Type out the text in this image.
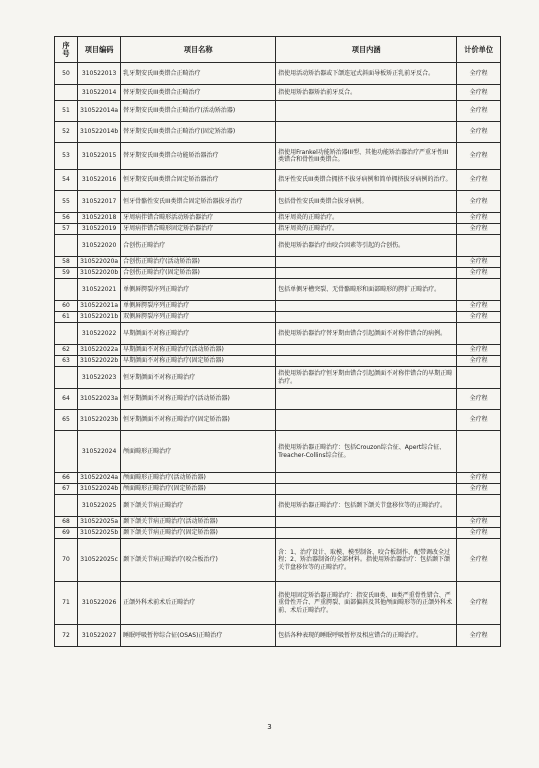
序
号	项目编码	项目名称	项目内涵	计价单位
50	310522013	乳牙期安氏III类错合正畸治疗	指使用活动矫治器或下颌连冠式斜面导板矫正乳前牙反合。	全疗程
	310522014	替牙期安氏III类错合正畸治疗	指使用矫治器矫治前牙反合。	全疗程
51	310522014a	替牙期安氏III类错合正畸治疗(活动矫治器)		全疗程
52	310522014b	替牙期安氏III类错合正畸治疗(固定矫治器)		全疗程
53	310522015	替牙期安氏III类错合功能矫治器治疗	指使用Frankel功能矫治器III型、其他功能矫治器治疗严重牙性III类错合和骨性III类错合。	全疗程
54	310522016	恒牙期安氏III类错合固定矫治器治疗	指牙性安氏III类错合拥挤不拔牙病例和简单拥挤拔牙病例的治疗。	全疗程
55	310522017	恒牙骨骼性安氏III类错合固定矫治器拔牙治疗	包括骨性安氏III类错合拔牙病例。	全疗程
56	310522018	牙周病伴错合畸形活动矫治器治疗	指牙周炎的正畸治疗。	全疗程
57	310522019	牙周病伴错合畸形固定矫治器治疗	指牙周炎的正畸治疗。	全疗程
	310522020	合创伤正畸治疗	指使用矫治器治疗由咬合因素等引起的合创伤。	
58	310522020a	合创伤正畸治疗(活动矫治器)		全疗程
59	310522020b	合创伤正畸治疗(固定矫治器)		全疗程
	310522021	单侧唇腭裂序列正畸治疗	包括单侧牙槽突裂、无骨骼畸形和面部畸形的腭扩正畸治疗。	
60	310522021a	单侧唇腭裂序列正畸治疗		全疗程
61	310522021b	双侧唇腭裂序列正畸治疗		全疗程
	310522022	早期颜面不对称正畸治疗	指使用矫治器治疗替牙期由错合引起颜面不对称伴错合的病例。	
62	310522022a	早期颜面不对称正畸治疗(活动矫治器)		全疗程
63	310522022b	早期颜面不对称正畸治疗(固定矫治器)		全疗程
	310522023	恒牙期颜面不对称正畸治疗	指使用矫治器治疗恒牙期由错合引起颜面不对称伴错合的早期正畸治疗。	
64	310522023a	恒牙期颜面不对称正畸治疗(活动矫治器)		全疗程
65	310522023b	恒牙期颜面不对称正畸治疗(固定矫治器)		全疗程
	310522024	颅面畸形正畸治疗	指使用矫治器正畸治疗：包括Crouzon综合征、Apert综合征、Treacher-Collins综合征。	
66	310522024a	颅面畸形正畸治疗(活动矫治器)		全疗程
67	310522024b	颅面畸形正畸治疗(固定矫治器)		全疗程
	310522025	颞下颌关节病正畸治疗	指使用矫治器正畸治疗：包括颞下颌关节盘移位等的正畸治疗。	
68	310522025a	颞下颌关节病正畸治疗(活动矫治器)		全疗程
69	310522025b	颞下颌关节病正畸治疗(固定矫治器)		全疗程
70	310522025c	颞下颌关节病正畸治疗(咬合板治疗)	含：1、治疗设计、取模、模型制备、咬合板制作、配带调改全过程；2、矫治器制备的全部材料。指使用矫治器治疗：包括颞下颌关节盘移位等的正畸治疗。	全疗程
71	310522026	正颌外科术前术后正畸治疗	指使用固定矫治器正畸治疗：指安氏III类、III类严重骨性错合、严重骨性开合、严重腭裂、面部偏斜及其他颅面畸形等的正颌外科术前、术后正畸治疗。	全疗程
72	310522027	睡眠呼吸暂停综合征(OSAS)正畸治疗	包括各种表现的睡眠呼吸暂停及相应错合的正畸治疗。	全疗程
3
